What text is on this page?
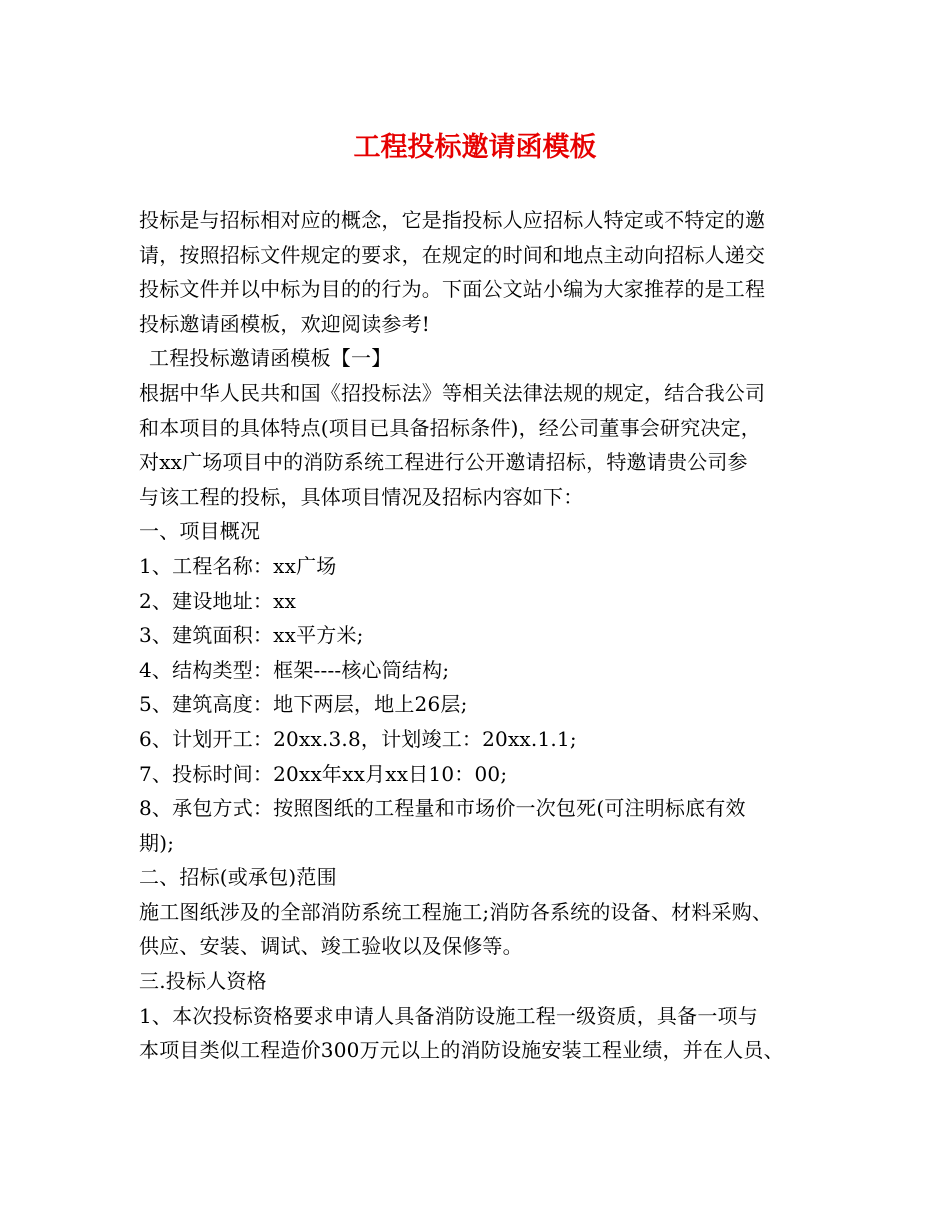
工程投标邀请函模板
投标是与招标相对应的概念，它是指投标人应招标人特定或不特定的邀
请，按照招标文件规定的要求，在规定的时间和地点主动向招标人递交
投标文件并以中标为目的的行为。下面公文站小编为大家推荐的是工程
投标邀请函模板，欢迎阅读参考!
工程投标邀请函模板【一】
根据中华人民共和国《招投标法》等相关法律法规的规定，结合我公司
和本项目的具体特点(项目已具备招标条件)，经公司董事会研究决定，
对xx广场项目中的消防系统工程进行公开邀请招标，特邀请贵公司参
与该工程的投标，具体项目情况及招标内容如下：
一、项目概况
1、工程名称：xx广场
2、建设地址：xx
3、建筑面积：xx平方米;
4、结构类型：框架----核心筒结构;
5、建筑高度：地下两层，地上26层;
6、计划开工：20xx.3.8，计划竣工：20xx.1.1;
7、投标时间：20xx年xx月xx日10：00;
8、承包方式：按照图纸的工程量和市场价一次包死(可注明标底有效
期);
二、招标(或承包)范围
施工图纸涉及的全部消防系统工程施工;消防各系统的设备、材料采购、
供应、安装、调试、竣工验收以及保修等。
三.投标人资格
1、本次投标资格要求申请人具备消防设施工程一级资质，具备一项与
本项目类似工程造价300万元以上的消防设施安装工程业绩，并在人员、
